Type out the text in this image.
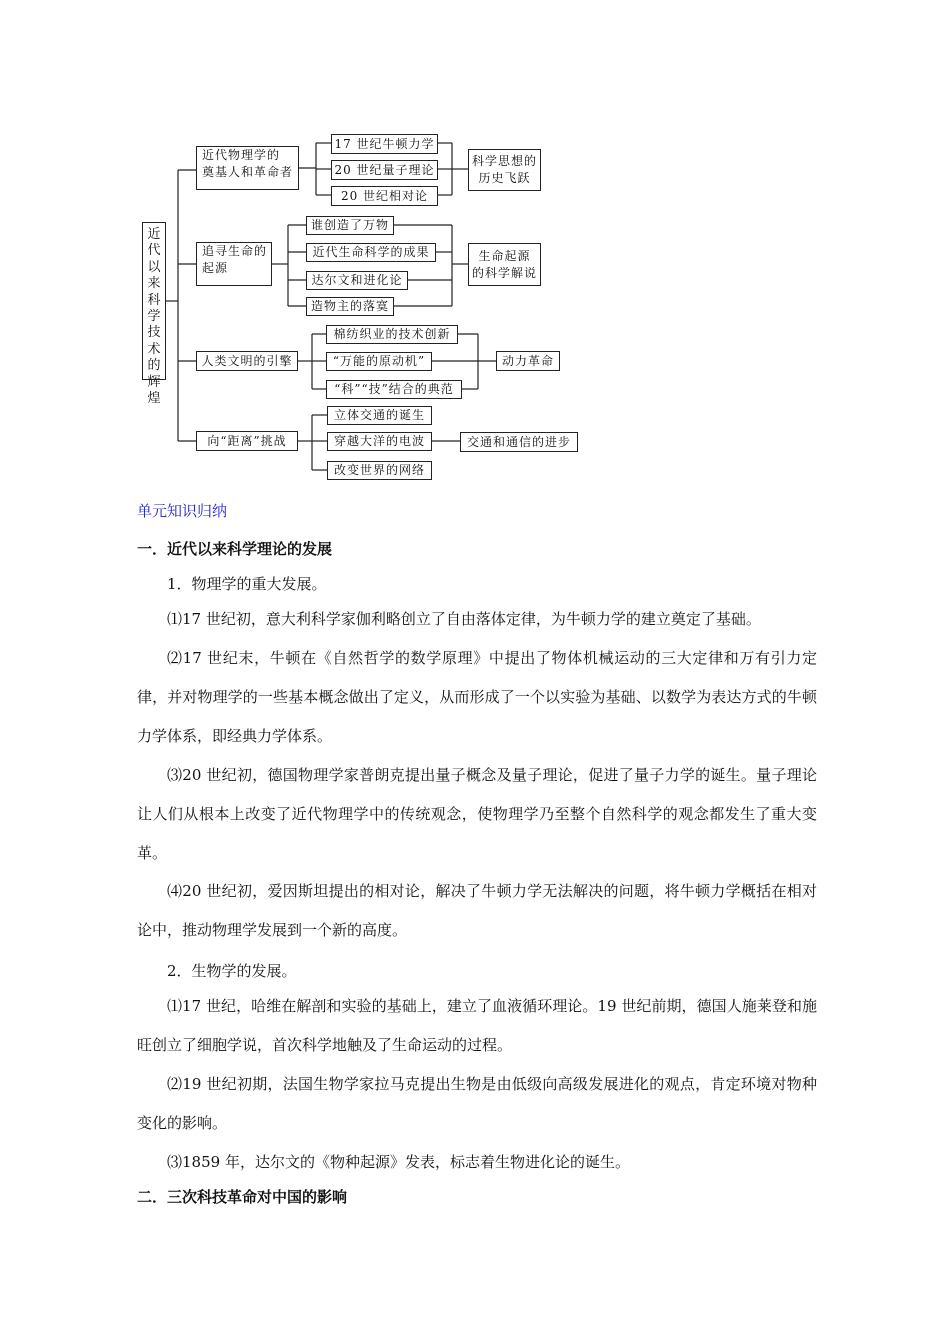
近
代
以
来
科
学
技
术
的
辉
煌
近代物理学的
奠基人和革命者
17 世纪牛顿力学
20 世纪量子理论
20 世纪相对论
科学思想的
历史飞跃
追寻生命的
起源
谁创造了万物
近代生命科学的成果
达尔文和进化论
造物主的落寞
生命起源
的科学解说
人类文明的引擎
棉纺织业的技术创新
“万能的原动机”
“科”“技”结合的典范
动力革命
向“距离”挑战
立体交通的诞生
穿越大洋的电波
改变世界的网络
交通和通信的进步
单元知识归纳
一．近代以来科学理论的发展
1．物理学的重大发展。
⑴17 世纪初，意大利科学家伽利略创立了自由落体定律，为牛顿力学的建立奠定了基础。
⑵17 世纪末，牛顿在《自然哲学的数学原理》中提出了物体机械运动的三大定律和万有引力定律，并对物理学的一些基本概念做出了定义，从而形成了一个以实验为基础、以数学为表达方式的牛顿力学体系，即经典力学体系。
⑶20 世纪初，德国物理学家普朗克提出量子概念及量子理论，促进了量子力学的诞生。量子理论让人们从根本上改变了近代物理学中的传统观念，使物理学乃至整个自然科学的观念都发生了重大变革。
⑷20 世纪初，爱因斯坦提出的相对论，解决了牛顿力学无法解决的问题，将牛顿力学概括在相对论中，推动物理学发展到一个新的高度。
2．生物学的发展。
⑴17 世纪，哈维在解剖和实验的基础上，建立了血液循环理论。19 世纪前期，德国人施莱登和施旺创立了细胞学说，首次科学地触及了生命运动的过程。
⑵19 世纪初期，法国生物学家拉马克提出生物是由低级向高级发展进化的观点，肯定环境对物种变化的影响。
⑶1859 年，达尔文的《物种起源》发表，标志着生物进化论的诞生。
二．三次科技革命对中国的影响
